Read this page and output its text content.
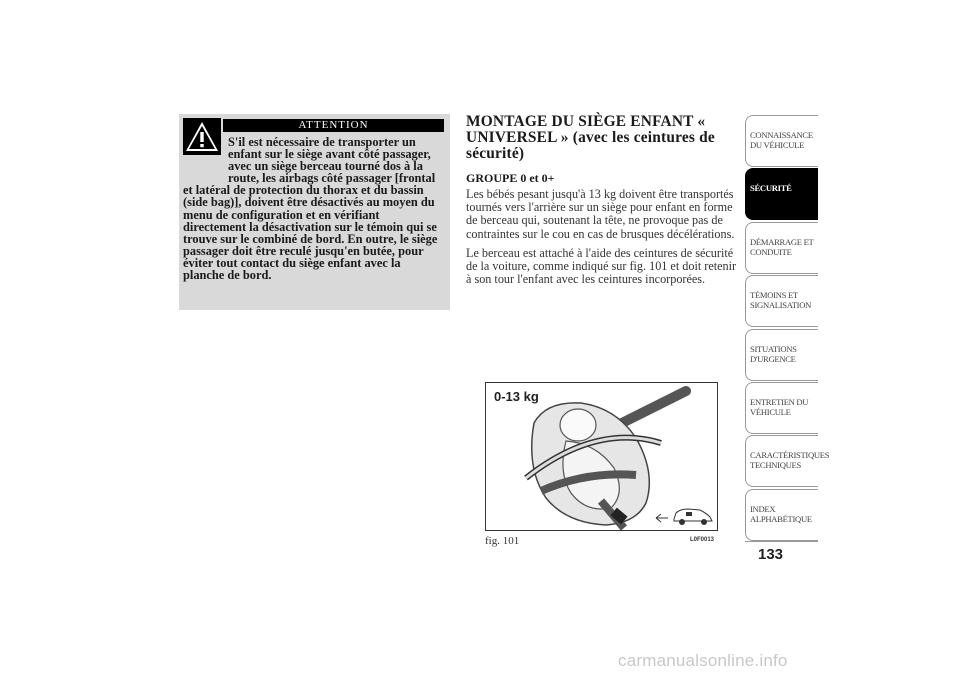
ATTENTION

S'il est nécessaire de transporter un enfant sur le siège avant côté passager, avec un siège berceau tourné dos à la route, les airbags côté passager [frontal et latéral de protection du thorax et du bassin (side bag)], doivent être désactivés au moyen du menu de configuration et en vérifiant directement la désactivation sur le témoin qui se trouve sur le combiné de bord. En outre, le siège passager doit être reculé jusqu'en butée, pour éviter tout contact du siège enfant avec la planche de bord.

MONTAGE DU SIÈGE ENFANT « UNIVERSEL » (avec les ceintures de sécurité)
GROUPE 0 et 0+

Les bébés pesant jusqu'à 13 kg doivent être transportés tournés vers l'arrière sur un siège pour enfant en forme de berceau qui, soutenant la tête, ne provoque pas de contraintes sur le cou en cas de brusques décélérations.

Le berceau est attaché à l'aide des ceintures de sécurité de la voiture, comme indiqué sur fig. 101 et doit retenir à son tour l'enfant avec les ceintures incorporées.

0-13 kg
fig. 101	L0F0013
CONNAISSANCE DU VÉHICULE
SÉCURITÉ
DÉMARRAGE ET CONDUITE
TÉMOINS ET SIGNALISATION
SITUATIONS D'URGENCE
ENTRETIEN DU VÉHICULE
CARACTÉRISTIQUES TECHNIQUES
INDEX ALPHABÉTIQUE
133
carmanualsonline.info
